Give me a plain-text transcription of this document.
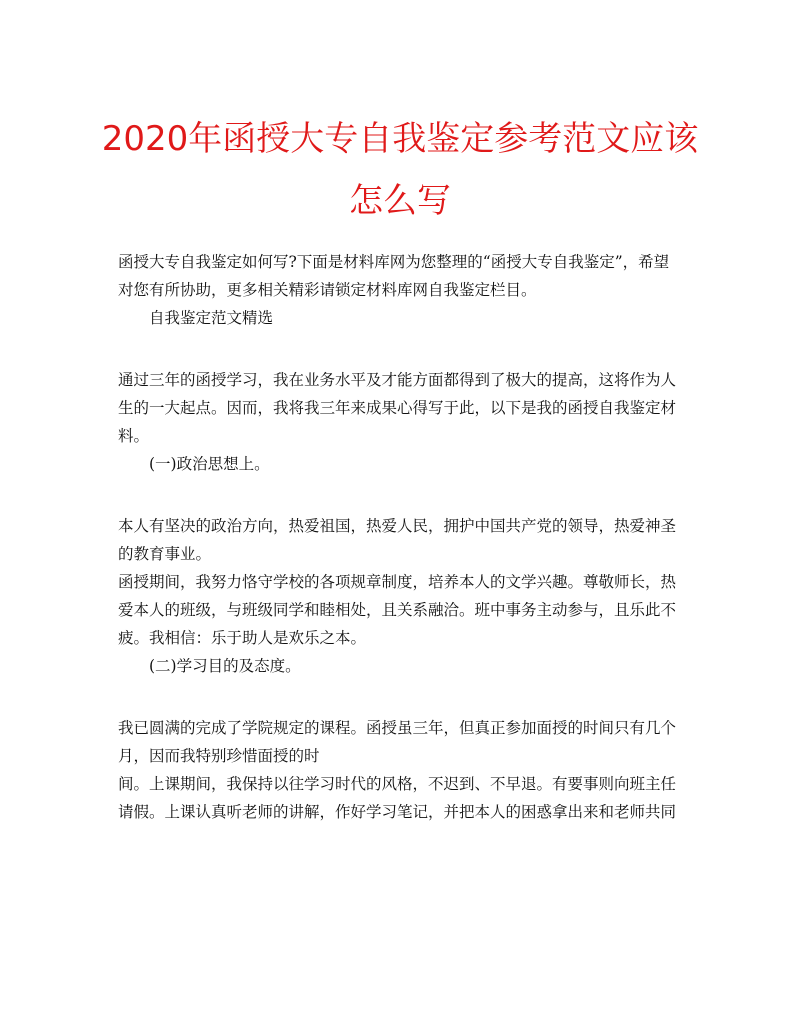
2020年函授大专自我鉴定参考范文应该怎么写

函授大专自我鉴定如何写?下面是材料库网为您整理的“函授大专自我鉴定”，希望对您有所协助，更多相关精彩请锁定材料库网自我鉴定栏目。

自我鉴定范文精选

通过三年的函授学习，我在业务水平及才能方面都得到了极大的提高，这将作为人生的一大起点。因而，我将我三年来成果心得写于此，以下是我的函授自我鉴定材料。

(一)政治思想上。

本人有坚决的政治方向，热爱祖国，热爱人民，拥护中国共产党的领导，热爱神圣的教育事业。

函授期间，我努力恪守学校的各项规章制度，培养本人的文学兴趣。尊敬师长，热爱本人的班级，与班级同学和睦相处，且关系融洽。班中事务主动参与，且乐此不 疲。我相信：乐于助人是欢乐之本。

(二)学习目的及态度。

我已圆满的完成了学院规定的课程。函授虽三年，但真正参加面授的时间只有几个月，因而我特别珍惜面授的时

间。上课期间，我保持以往学习时代的风格，不迟到、不早退。有要事则向班主任请假。上课认真听老师的讲解，作好学习笔记，并把本人的困惑拿出来和老师共同
